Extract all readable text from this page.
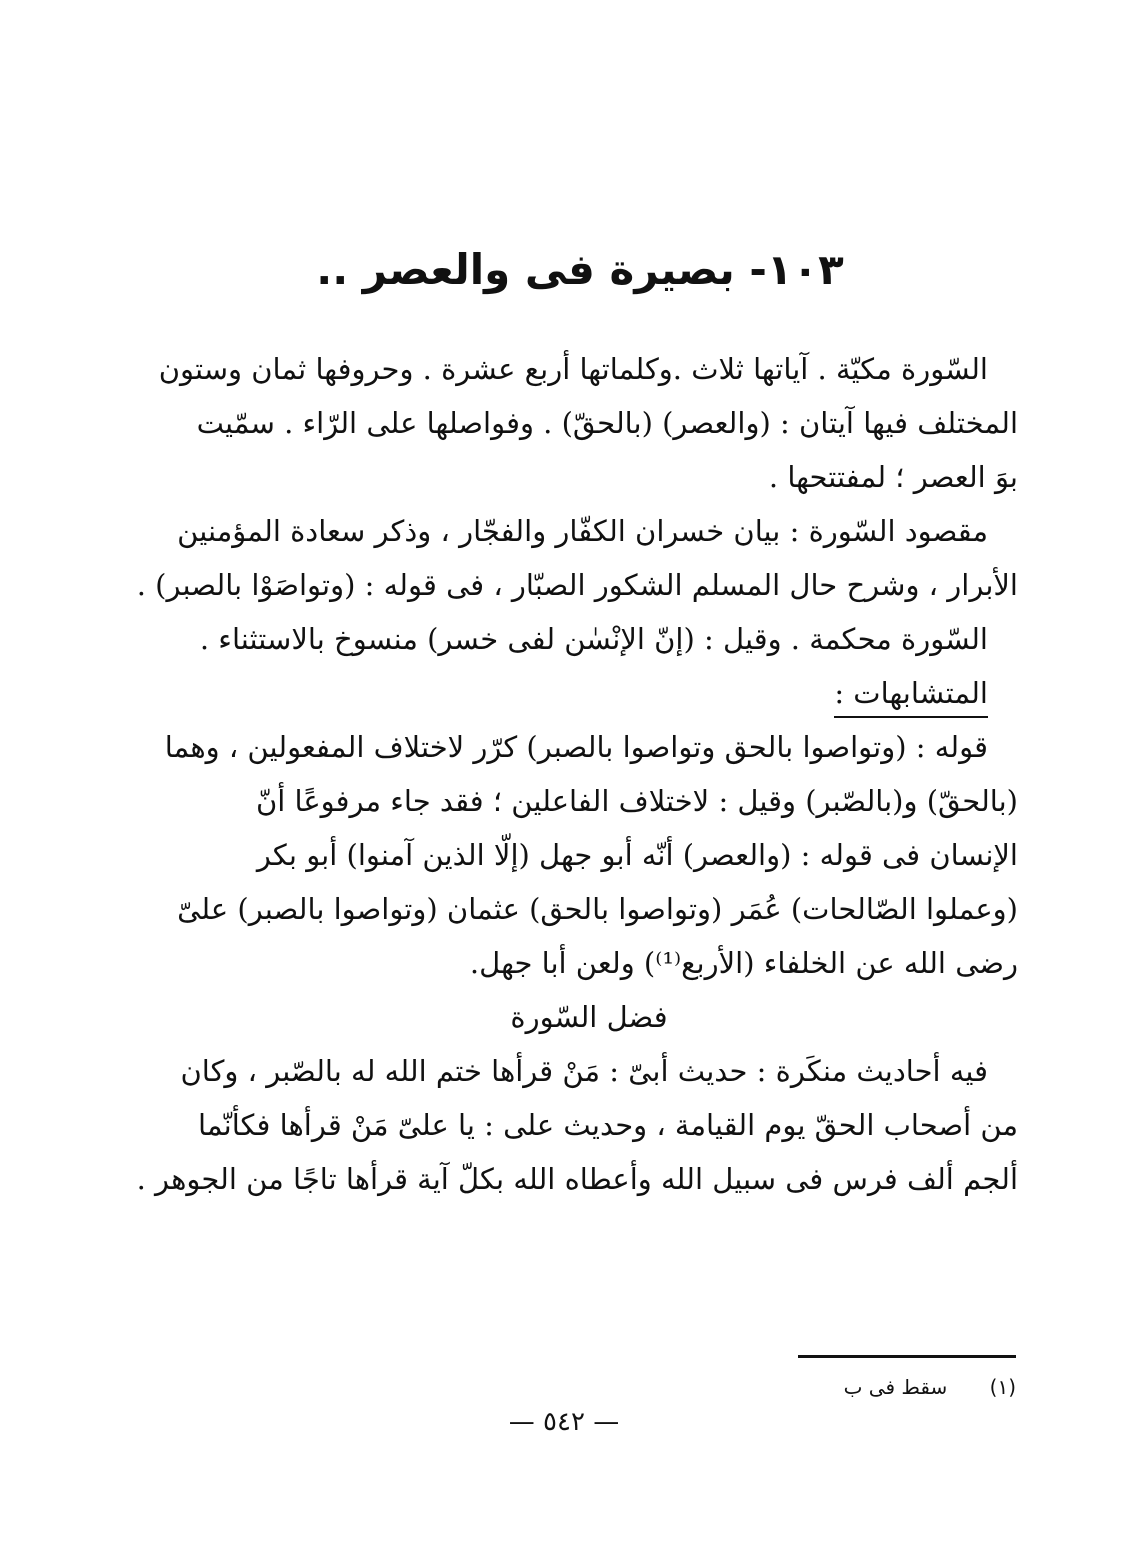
١٠٣- بصيرة فى والعصر ..
السّورة مكيّة . آياتها ثلاث .وكلماتها أربع عشرة . وحروفها ثمان وستون
المختلف فيها آيتان : (والعصر) (بالحقّ) . وفواصلها على الرّاء . سمّيت
بوَ العصر ؛ لمفتتحها .
مقصود السّورة : بيان خسران الكفّار والفجّار ، وذكر سعادة المؤمنين
الأبرار ، وشرح حال المسلم الشكور الصبّار ، فى قوله : (وتواصَوْا بالصبر) .
السّورة محكمة . وقيل : (إنّ الإنْسٰن لفى خسر) منسوخ بالاستثناء .
المتشابهات :
قوله : (وتواصوا بالحق وتواصوا بالصبر) كرّر لاختلاف المفعولين ، وهما
(بالحقّ) و(بالصّبر) وقيل : لاختلاف الفاعلين ؛ فقد جاء مرفوعًا أنّ
الإنسان فى قوله : (والعصر) أنّه أبو جهل (إلّا الذين آمنوا) أبو بكر
(وعملوا الصّالحات) عُمَر (وتواصوا بالحق) عثمان (وتواصوا بالصبر) علىّ
رضى الله عن الخلفاء (الأربع⁽¹⁾) ولعن أبا جهل.
فضل السّورة
فيه أحاديث منكَرة : حديث أبىّ : مَنْ قرأها ختم الله له بالصّبر ، وكان
من أصحاب الحقّ يوم القيامة ، وحديث على : يا علىّ مَنْ قرأها فكأنّما
ألجم ألف فرس فى سبيل الله وأعطاه الله بكلّ آية قرأها تاجًا من الجوهر .
(١) سقط فى ب
— ٥٤٢ —
